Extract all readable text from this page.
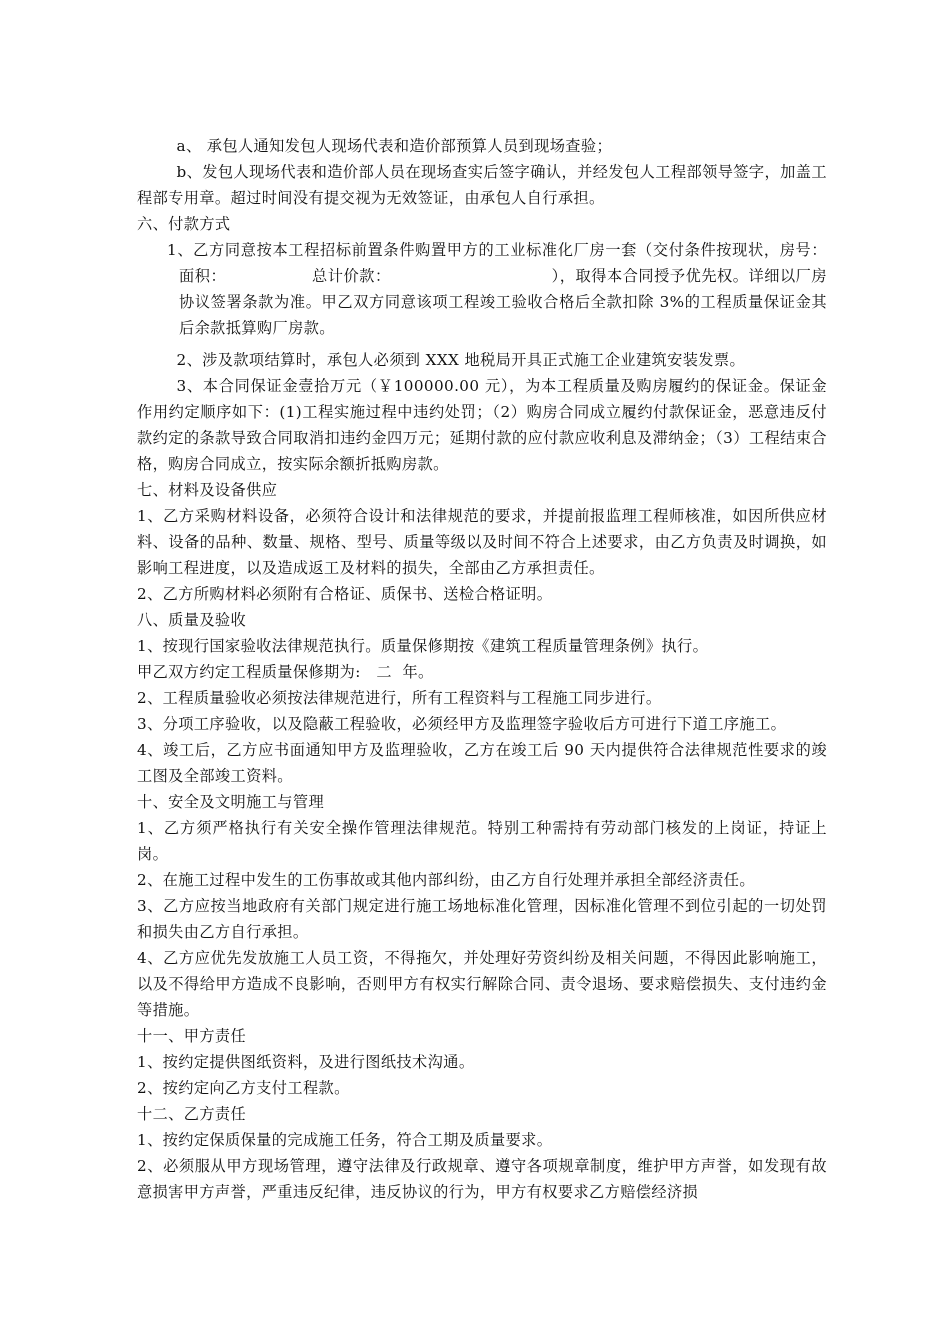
a、 承包人通知发包人现场代表和造价部预算人员到现场查验；

b、发包人现场代表和造价部人员在现场查实后签字确认，并经发包人工程部领导签字，加盖工程部专用章。超过时间没有提交视为无效签证，由承包人自行承担。

六、付款方式

1、乙方同意按本工程招标前置条件购置甲方的工业标准化厂房一套（交付条件按现状，房号：          面积：                总计价款：                              ），取得本合同授予优先权。详细以厂房协议签署条款为准。甲乙双方同意该项工程竣工验收合格后全款扣除 3%的工程质量保证金其后余款抵算购厂房款。

2、涉及款项结算时，承包人必须到 XXX 地税局开具正式施工企业建筑安装发票。

3、本合同保证金壹拾万元（￥100000.00 元），为本工程质量及购房履约的保证金。保证金作用约定顺序如下：(1)工程实施过程中违约处罚；（2）购房合同成立履约付款保证金，恶意违反付款约定的条款导致合同取消扣违约金四万元；延期付款的应付款应收利息及滞纳金；（3）工程结束合格，购房合同成立，按实际余额折抵购房款。

七、材料及设备供应

1、乙方采购材料设备，必须符合设计和法律规范的要求，并提前报监理工程师核准，如因所供应材料、设备的品种、数量、规格、型号、质量等级以及时间不符合上述要求，由乙方负责及时调换，如影响工程进度，以及造成返工及材料的损失，全部由乙方承担责任。

2、乙方所购材料必须附有合格证、质保书、送检合格证明。

八、质量及验收

1、按现行国家验收法律规范执行。质量保修期按《建筑工程质量管理条例》执行。

甲乙双方约定工程质量保修期为:   二  年。

2、工程质量验收必须按法律规范进行，所有工程资料与工程施工同步进行。

3、分项工序验收，以及隐蔽工程验收，必须经甲方及监理签字验收后方可进行下道工序施工。

4、竣工后，乙方应书面通知甲方及监理验收，乙方在竣工后 90 天内提供符合法律规范性要求的竣工图及全部竣工资料。

十、安全及文明施工与管理

1、乙方须严格执行有关安全操作管理法律规范。特别工种需持有劳动部门核发的上岗证，持证上岗。

2、在施工过程中发生的工伤事故或其他内部纠纷，由乙方自行处理并承担全部经济责任。

3、乙方应按当地政府有关部门规定进行施工场地标准化管理，因标准化管理不到位引起的一切处罚和损失由乙方自行承担。

4、乙方应优先发放施工人员工资，不得拖欠，并处理好劳资纠纷及相关问题，不得因此影响施工，以及不得给甲方造成不良影响，否则甲方有权实行解除合同、责令退场、要求赔偿损失、支付违约金等措施。

十一、甲方责任

1、按约定提供图纸资料，及进行图纸技术沟通。

2、按约定向乙方支付工程款。

十二、乙方责任

1、按约定保质保量的完成施工任务，符合工期及质量要求。

2、必须服从甲方现场管理，遵守法律及行政规章、遵守各项规章制度，维护甲方声誉，如发现有故意损害甲方声誉，严重违反纪律，违反协议的行为，甲方有权要求乙方赔偿经济损
